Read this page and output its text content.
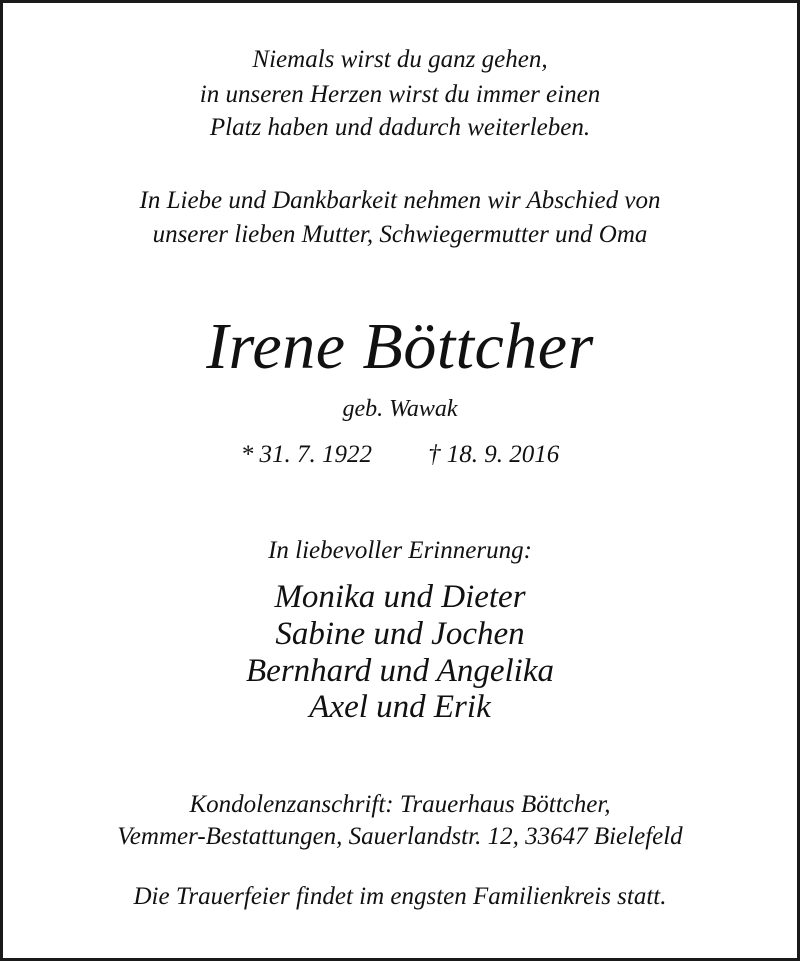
Niemals wirst du ganz gehen,
in unseren Herzen wirst du immer einen
Platz haben und dadurch weiterleben.
In Liebe und Dankbarkeit nehmen wir Abschied von
unserer lieben Mutter, Schwiegermutter und Oma
Irene Böttcher
geb. Wawak
* 31. 7. 1922 † 18. 9. 2016
In liebevoller Erinnerung:
Monika und Dieter
Sabine und Jochen
Bernhard und Angelika
Axel und Erik
Kondolenzanschrift: Trauerhaus Böttcher,
Vemmer-Bestattungen, Sauerlandstr. 12, 33647 Bielefeld
Die Trauerfeier findet im engsten Familienkreis statt.
